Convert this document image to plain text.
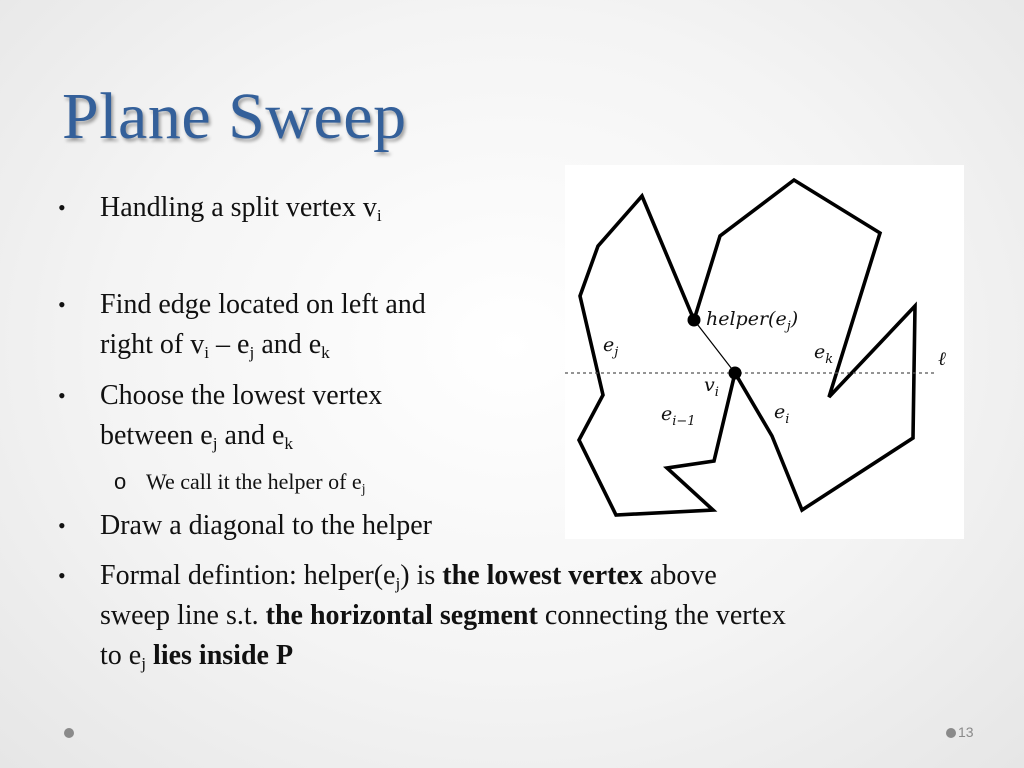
Plane Sweep
• Handling a split vertex $v_i$
• Find edge located on left and
right of $v_i - e_j$ and $e_k$
• Choose the lowest vertex
between $e_j$ and $e_k$
o We call it the helper of $e_j$
• Draw a diagonal to the helper
• Formal defintion: $helper(e_j)$ is the lowest vertex above
sweep line s.t. the horizontal segment connecting the vertex
to $e_j$ lies inside P
$helper(e_j)$
$e_j$	$e_k$	ℓ
$v_i$
$e_{i-1}$	$e_i$
13
